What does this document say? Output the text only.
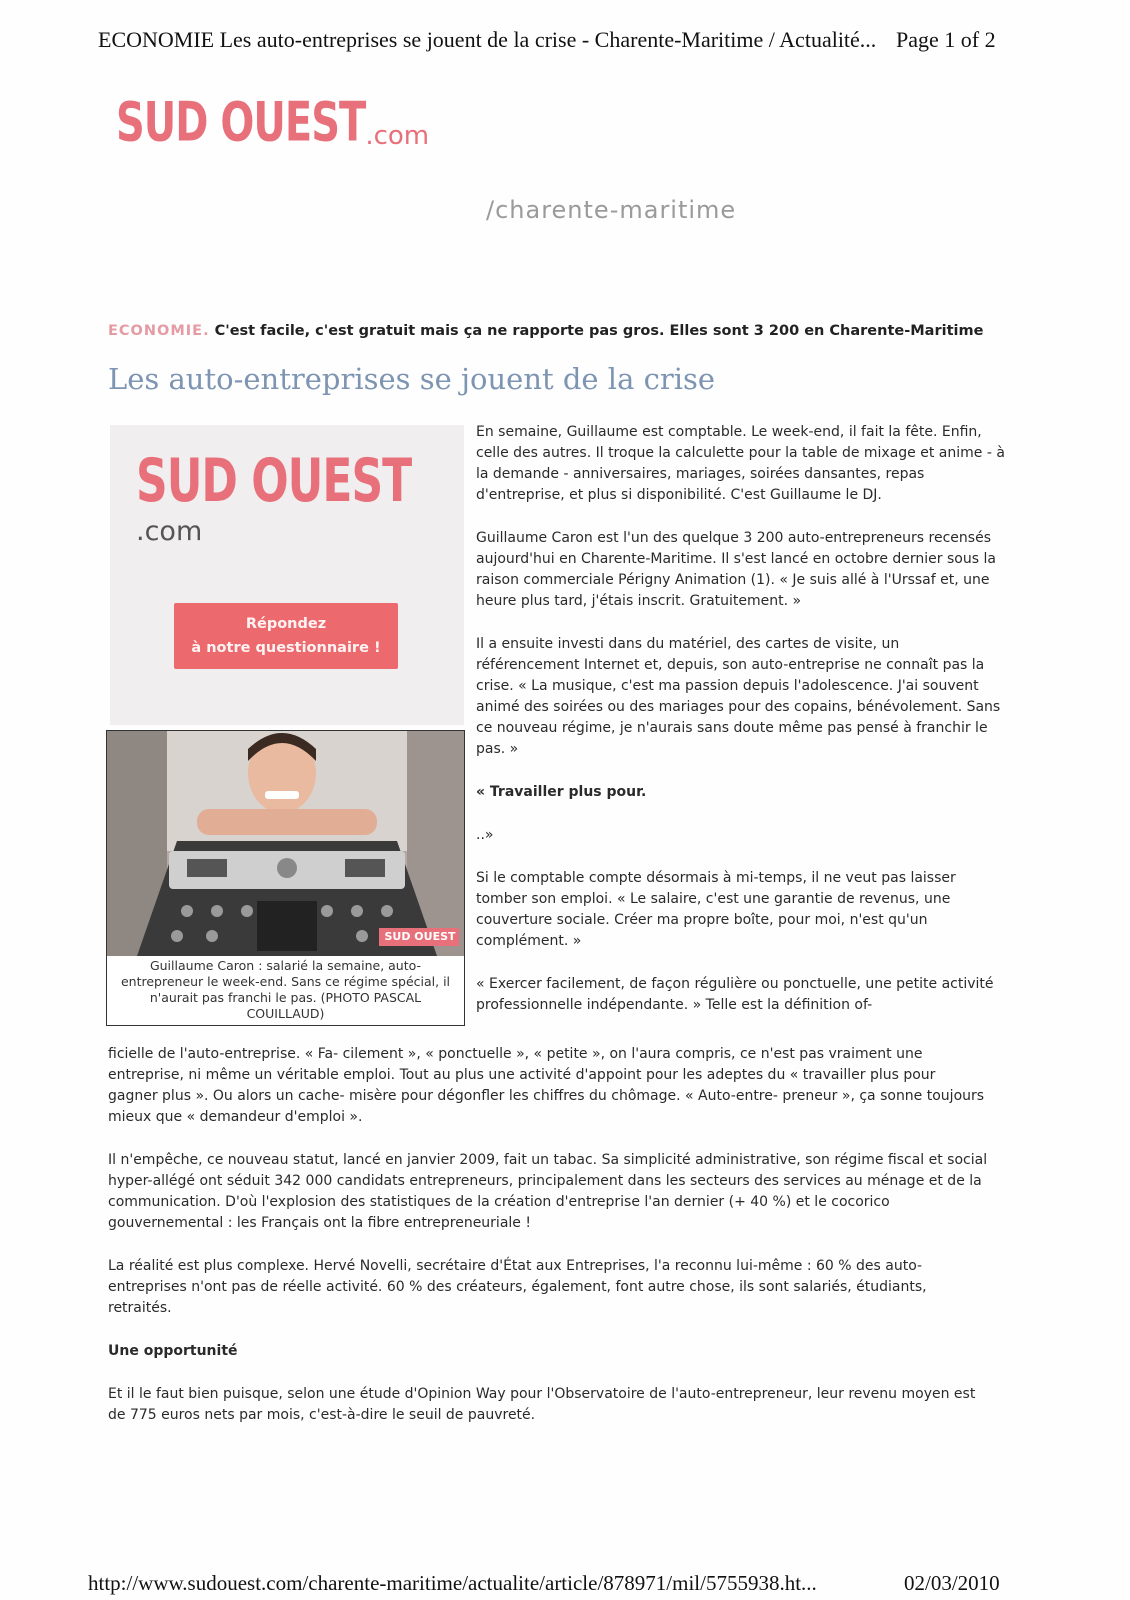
ECONOMIE Les auto-entreprises se jouent de la crise - Charente-Maritime / Actualité... Page 1 of 2
SUD OUEST.com
/charente-maritime
ECONOMIE. C'est facile, c'est gratuit mais ça ne rapporte pas gros. Elles sont 3 200 en Charente-Maritime
Les auto-entreprises se jouent de la crise
SUD OUEST.com
Répondez
à notre questionnaire !
SUD OUEST
Guillaume Caron : salarié la semaine, auto-entrepreneur le week-end. Sans ce régime spécial, il n'aurait pas franchi le pas. (PHOTO PASCAL COUILLAUD)

En semaine, Guillaume est comptable. Le week-end, il fait la fête. Enfin, celle des autres. Il troque la calculette pour la table de mixage et anime - à la demande - anniversaires, mariages, soirées dansantes, repas d'entreprise, et plus si disponibilité. C'est Guillaume le DJ.

Guillaume Caron est l'un des quelque 3 200 auto-entrepreneurs recensés aujourd'hui en Charente-Maritime. Il s'est lancé en octobre dernier sous la raison commerciale Périgny Animation (1). « Je suis allé à l'Urssaf et, une heure plus tard, j'étais inscrit. Gratuitement. »

Il a ensuite investi dans du matériel, des cartes de visite, un référencement Internet et, depuis, son auto-entreprise ne connaît pas la crise. « La musique, c'est ma passion depuis l'adolescence. J'ai souvent animé des soirées ou des mariages pour des copains, bénévolement. Sans ce nouveau régime, je n'aurais sans doute même pas pensé à franchir le pas. »

« Travailler plus pour.

..»

Si le comptable compte désormais à mi-temps, il ne veut pas laisser tomber son emploi. « Le salaire, c'est une garantie de revenus, une couverture sociale. Créer ma propre boîte, pour moi, n'est qu'un complément. »

« Exercer facilement, de façon régulière ou ponctuelle, une petite activité professionnelle indépendante. » Telle est la définition of-

ficielle de l'auto-entreprise. « Fa- cilement », « ponctuelle », « petite », on l'aura compris, ce n'est pas vraiment une entreprise, ni même un véritable emploi. Tout au plus une activité d'appoint pour les adeptes du « travailler plus pour gagner plus ». Ou alors un cache- misère pour dégonfler les chiffres du chômage. « Auto-entre- preneur », ça sonne toujours mieux que « demandeur d'emploi ».

Il n'empêche, ce nouveau statut, lancé en janvier 2009, fait un tabac. Sa simplicité administrative, son régime fiscal et social hyper-allégé ont séduit 342 000 candidats entrepreneurs, principalement dans les secteurs des services au ménage et de la communication. D'où l'explosion des statistiques de la création d'entreprise l'an dernier (+ 40 %) et le cocorico gouvernemental : les Français ont la fibre entrepreneuriale !

La réalité est plus complexe. Hervé Novelli, secrétaire d'État aux Entreprises, l'a reconnu lui-même : 60 % des auto-entreprises n'ont pas de réelle activité. 60 % des créateurs, également, font autre chose, ils sont salariés, étudiants, retraités.

Une opportunité

Et il le faut bien puisque, selon une étude d'Opinion Way pour l'Observatoire de l'auto-entrepreneur, leur revenu moyen est de 775 euros nets par mois, c'est-à-dire le seuil de pauvreté.

http://www.sudouest.com/charente-maritime/actualite/article/878971/mil/5755938.ht...	02/03/2010
